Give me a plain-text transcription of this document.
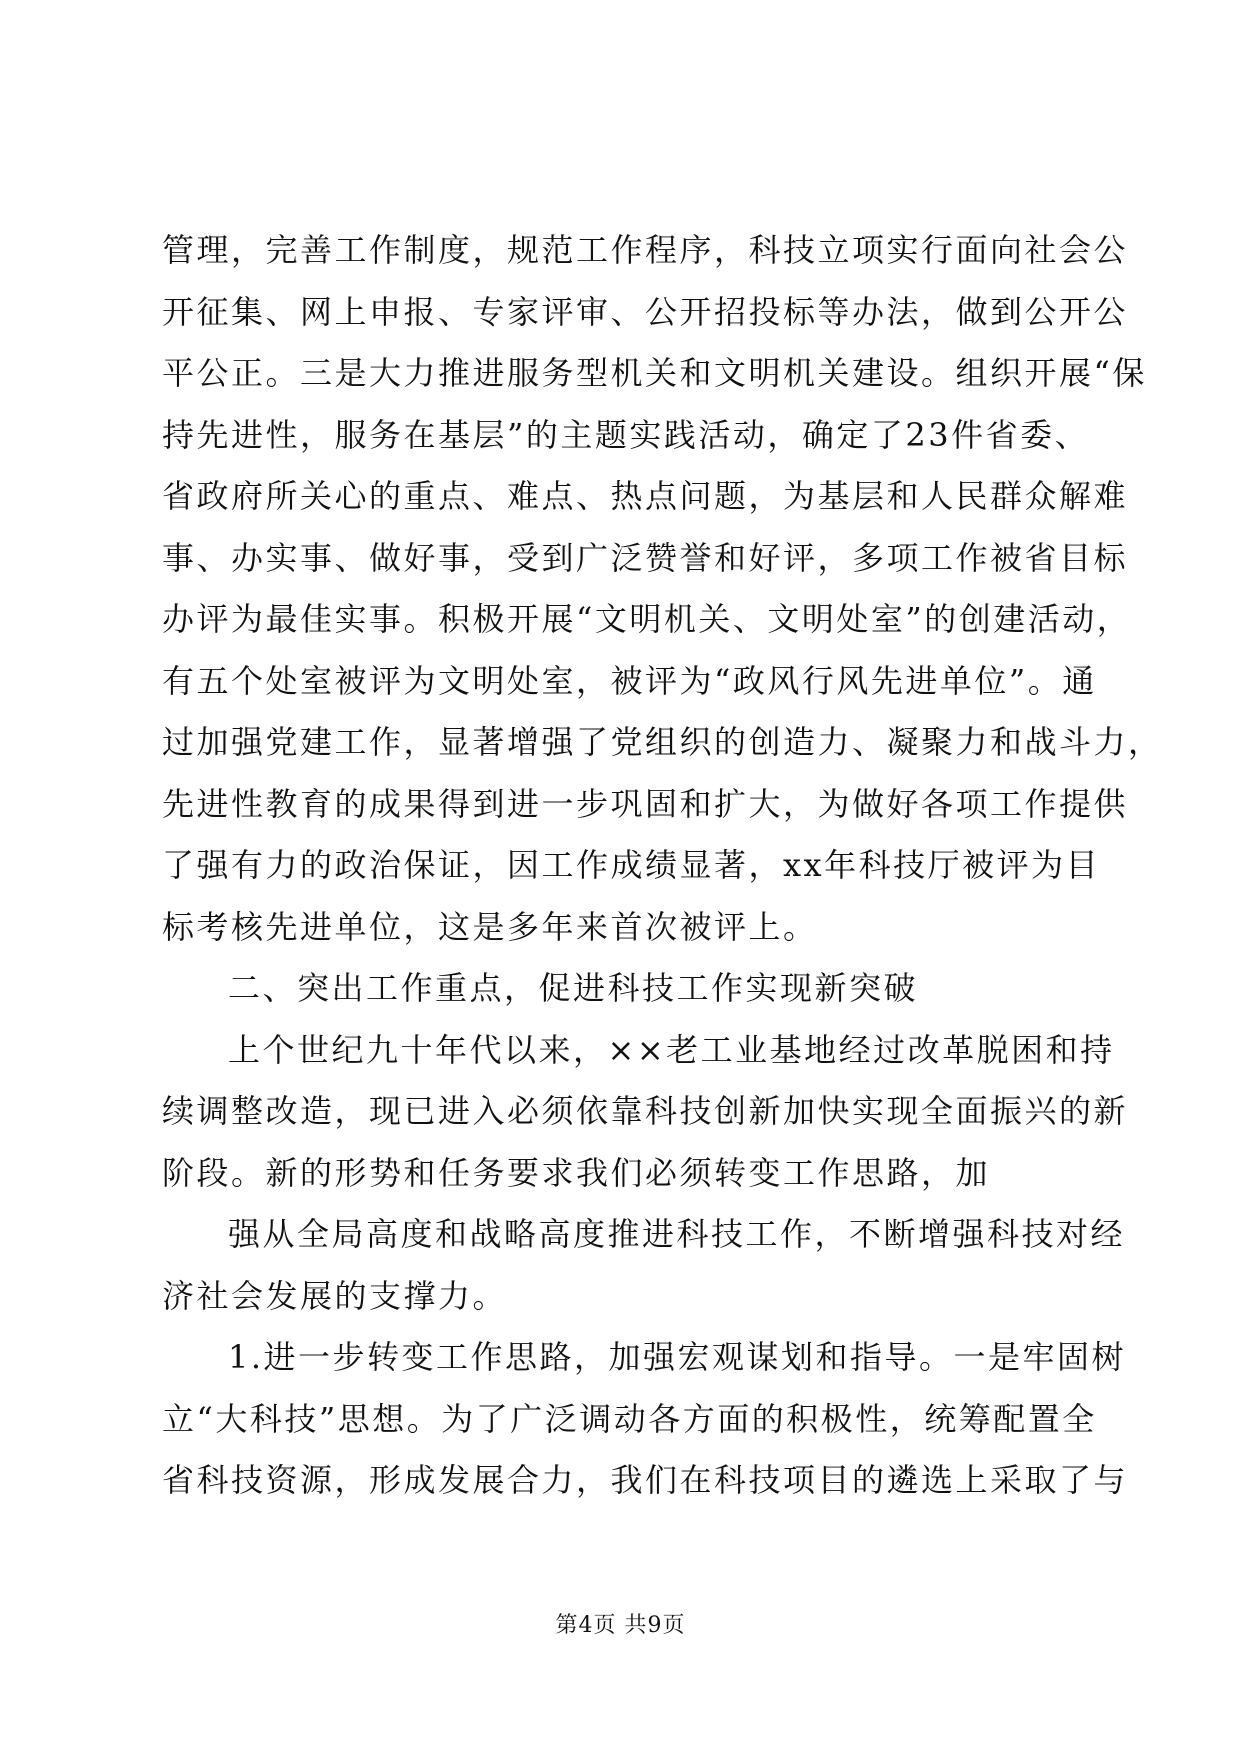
管理，完善工作制度，规范工作程序，科技立项实行面向社会公
开征集、网上申报、专家评审、公开招投标等办法，做到公开公
平公正。三是大力推进服务型机关和文明机关建设。组织开展“保
持先进性，服务在基层”的主题实践活动，确定了23件省委、
省政府所关心的重点、难点、热点问题，为基层和人民群众解难
事、办实事、做好事，受到广泛赞誉和好评，多项工作被省目标
办评为最佳实事。积极开展“文明机关、文明处室”的创建活动，
有五个处室被评为文明处室，被评为“政风行风先进单位”。通
过加强党建工作，显著增强了党组织的创造力、凝聚力和战斗力，
先进性教育的成果得到进一步巩固和扩大，为做好各项工作提供
了强有力的政治保证，因工作成绩显著，xx年科技厅被评为目
标考核先进单位，这是多年来首次被评上。
二、突出工作重点，促进科技工作实现新突破
上个世纪九十年代以来，××老工业基地经过改革脱困和持
续调整改造，现已进入必须依靠科技创新加快实现全面振兴的新
阶段。新的形势和任务要求我们必须转变工作思路，加
强从全局高度和战略高度推进科技工作，不断增强科技对经
济社会发展的支撑力。
1.进一步转变工作思路，加强宏观谋划和指导。一是牢固树
立“大科技”思想。为了广泛调动各方面的积极性，统筹配置全
省科技资源，形成发展合力，我们在科技项目的遴选上采取了与
第4页 共9页
